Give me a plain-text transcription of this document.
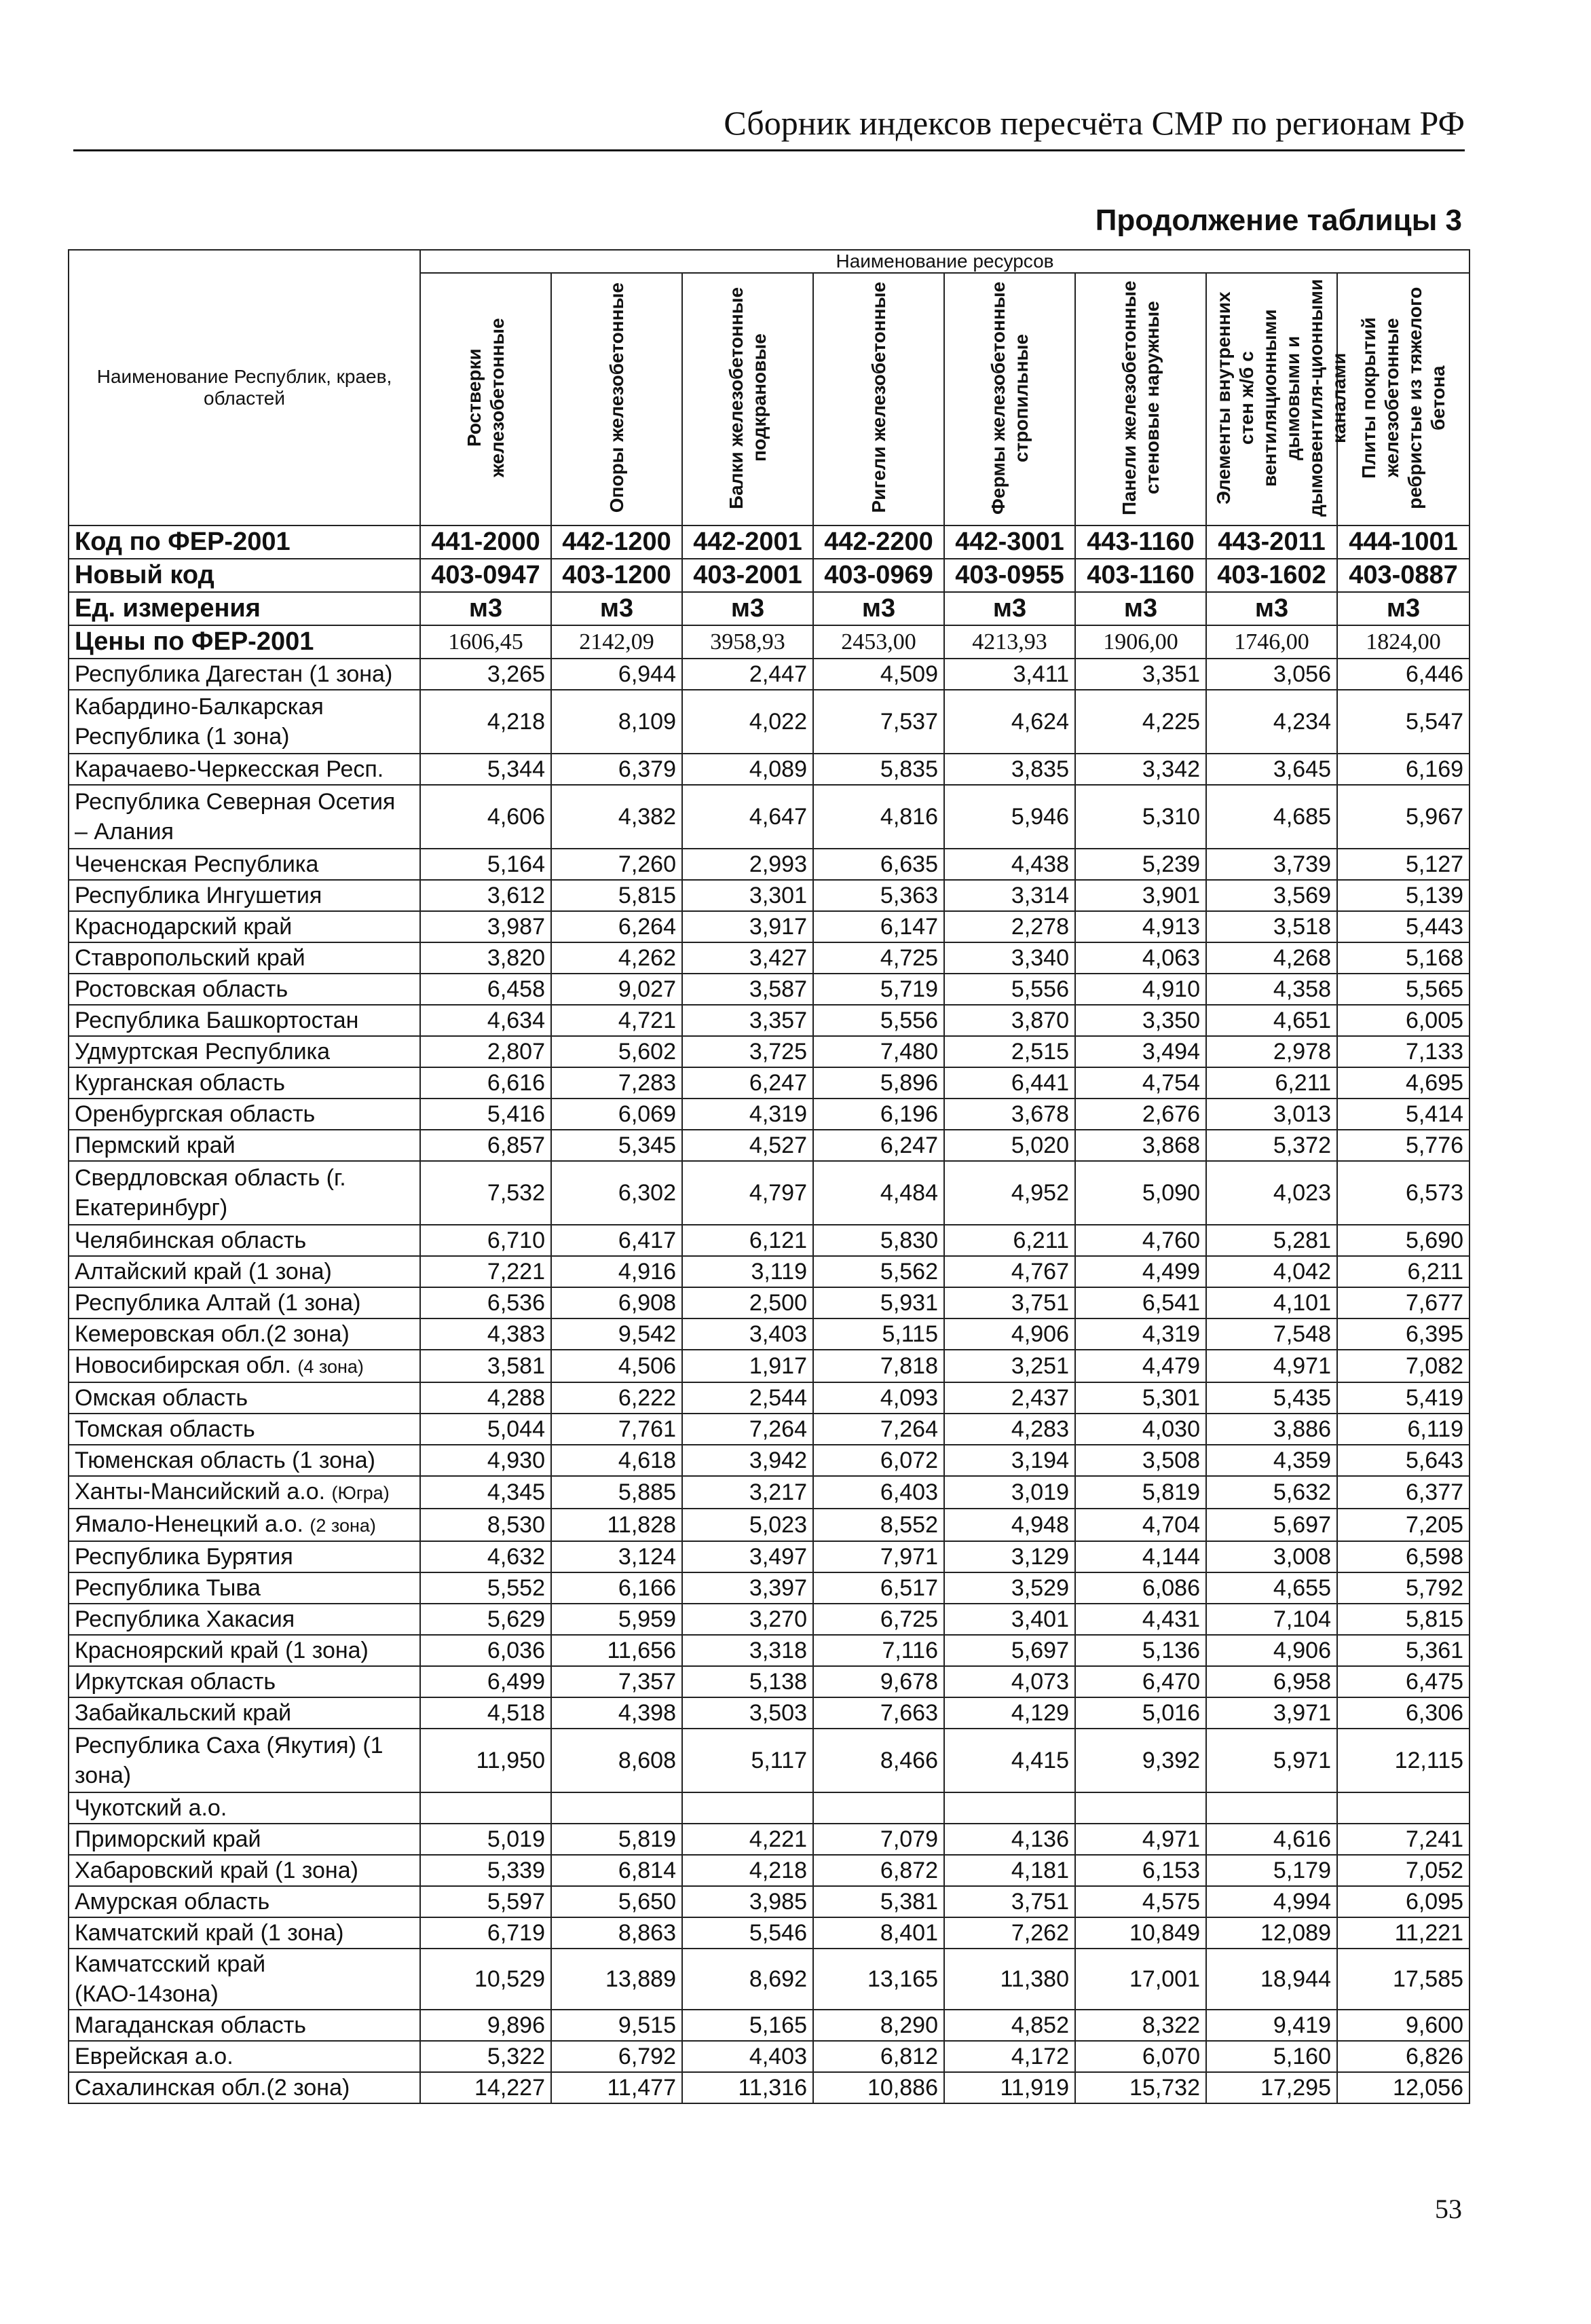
Сборник индексов пересчёта СМР по регионам РФ
Продолжение таблицы 3
Наименование Республик, краев, областей	Наименование ресурсов							
	Ростверки железобетонные	Опоры железобетонные	Балки железобетонные подкрановые	Ригели железобетонные	Фермы железобетонные стропильные	Панели железобетонные стеновые наружные	Элементы внутренних стен ж/б с вентиляционными дымовыми и дымовентиля-ционными каналами	Плиты покрытий железобетонные ребристые из тяжелого бетона
Код по ФЕР-2001	441-2000	442-1200	442-2001	442-2200	442-3001	443-1160	443-2011	444-1001
Новый код	403-0947	403-1200	403-2001	403-0969	403-0955	403-1160	403-1602	403-0887
Ед. измерения	м3	м3	м3	м3	м3	м3	м3	м3
Цены по ФЕР-2001	1606,45	2142,09	3958,93	2453,00	4213,93	1906,00	1746,00	1824,00
Республика Дагестан (1 зона)	3,265	6,944	2,447	4,509	3,411	3,351	3,056	6,446
Кабардино-Балкарская Республика (1 зона)	4,218	8,109	4,022	7,537	4,624	4,225	4,234	5,547
Карачаево-Черкесская Респ.	5,344	6,379	4,089	5,835	3,835	3,342	3,645	6,169
Республика Северная Осетия – Алания	4,606	4,382	4,647	4,816	5,946	5,310	4,685	5,967
Чеченская Республика	5,164	7,260	2,993	6,635	4,438	5,239	3,739	5,127
Республика Ингушетия	3,612	5,815	3,301	5,363	3,314	3,901	3,569	5,139
Краснодарский край	3,987	6,264	3,917	6,147	2,278	4,913	3,518	5,443
Ставропольский край	3,820	4,262	3,427	4,725	3,340	4,063	4,268	5,168
Ростовская область	6,458	9,027	3,587	5,719	5,556	4,910	4,358	5,565
Республика Башкортостан	4,634	4,721	3,357	5,556	3,870	3,350	4,651	6,005
Удмуртская Республика	2,807	5,602	3,725	7,480	2,515	3,494	2,978	7,133
Курганская область	6,616	7,283	6,247	5,896	6,441	4,754	6,211	4,695
Оренбургская область	5,416	6,069	4,319	6,196	3,678	2,676	3,013	5,414
Пермский край	6,857	5,345	4,527	6,247	5,020	3,868	5,372	5,776
Свердловская область (г. Екатеринбург)	7,532	6,302	4,797	4,484	4,952	5,090	4,023	6,573
Челябинская область	6,710	6,417	6,121	5,830	6,211	4,760	5,281	5,690
Алтайский край (1 зона)	7,221	4,916	3,119	5,562	4,767	4,499	4,042	6,211
Республика Алтай (1 зона)	6,536	6,908	2,500	5,931	3,751	6,541	4,101	7,677
Кемеровская обл.(2 зона)	4,383	9,542	3,403	5,115	4,906	4,319	7,548	6,395
Новосибирская обл. (4 зона)	3,581	4,506	1,917	7,818	3,251	4,479	4,971	7,082
Омская область	4,288	6,222	2,544	4,093	2,437	5,301	5,435	5,419
Томская область	5,044	7,761	7,264	7,264	4,283	4,030	3,886	6,119
Тюменская область (1 зона)	4,930	4,618	3,942	6,072	3,194	3,508	4,359	5,643
Ханты-Мансийский а.о. (Югра)	4,345	5,885	3,217	6,403	3,019	5,819	5,632	6,377
Ямало-Ненецкий а.о. (2 зона)	8,530	11,828	5,023	8,552	4,948	4,704	5,697	7,205
Республика Бурятия	4,632	3,124	3,497	7,971	3,129	4,144	3,008	6,598
Республика Тыва	5,552	6,166	3,397	6,517	3,529	6,086	4,655	5,792
Республика Хакасия	5,629	5,959	3,270	6,725	3,401	4,431	7,104	5,815
Красноярский край (1 зона)	6,036	11,656	3,318	7,116	5,697	5,136	4,906	5,361
Иркутская область	6,499	7,357	5,138	9,678	4,073	6,470	6,958	6,475
Забайкальский край	4,518	4,398	3,503	7,663	4,129	5,016	3,971	6,306
Республика Саха (Якутия) (1 зона)	11,950	8,608	5,117	8,466	4,415	9,392	5,971	12,115
Чукотский а.о.								
Приморский край	5,019	5,819	4,221	7,079	4,136	4,971	4,616	7,241
Хабаровский край (1 зона)	5,339	6,814	4,218	6,872	4,181	6,153	5,179	7,052
Амурская область	5,597	5,650	3,985	5,381	3,751	4,575	4,994	6,095
Камчатский край (1 зона)	6,719	8,863	5,546	8,401	7,262	10,849	12,089	11,221
Камчатсский край (КАО-14зона)	10,529	13,889	8,692	13,165	11,380	17,001	18,944	17,585
Магаданская область	9,896	9,515	5,165	8,290	4,852	8,322	9,419	9,600
Еврейская а.о.	5,322	6,792	4,403	6,812	4,172	6,070	5,160	6,826
Сахалинская обл.(2 зона)	14,227	11,477	11,316	10,886	11,919	15,732	17,295	12,056
53
